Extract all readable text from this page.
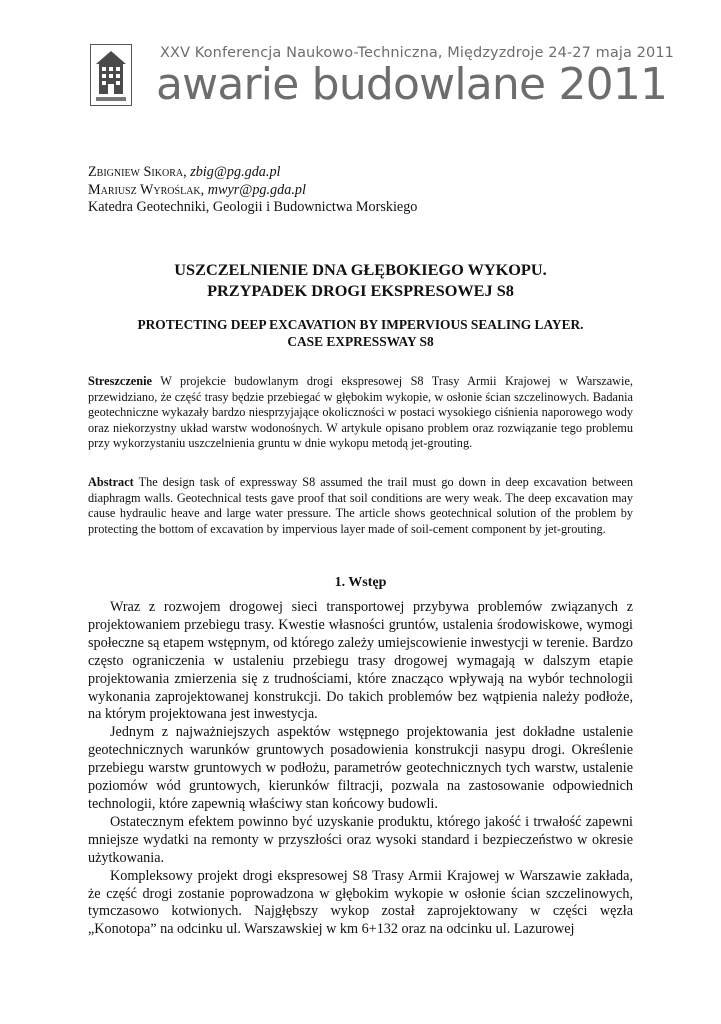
XXV Konferencja Naukowo-Techniczna, Międzyzdroje 24-27 maja 2011
awarie budowlane 2011
Zbigniew Sikora, zbig@pg.gda.pl
Mariusz Wyroślak, mwyr@pg.gda.pl
Katedra Geotechniki, Geologii i Budownictwa Morskiego
USZCZELNIENIE DNA GŁĘBOKIEGO WYKOPU.
PRZYPADEK DROGI EKSPRESOWEJ S8
PROTECTING DEEP EXCAVATION BY IMPERVIOUS SEALING LAYER.
CASE EXPRESSWAY S8
Streszczenie W projekcie budowlanym drogi ekspresowej S8 Trasy Armii Krajowej w Warszawie, przewidziano, że część trasy będzie przebiegać w głębokim wykopie, w osłonie ścian szczelinowych. Badania geotechniczne wykazały bardzo niesprzyjające okoliczności w postaci wysokiego ciśnienia naporowego wody oraz niekorzystny układ warstw wodonośnych. W artykule opisano problem oraz rozwiązanie tego problemu przy wykorzystaniu uszczelnienia gruntu w dnie wykopu metodą jet-grouting.
Abstract The design task of expressway S8 assumed the trail must go down in deep excavation between diaphragm walls. Geotechnical tests gave proof that soil conditions are wery weak. The deep excavation may cause hydraulic heave and large water pressure. The article shows geotechnical solution of the problem by protecting the bottom of excavation by impervious layer made of soil-cement component by jet-grouting.
1. Wstęp

Wraz z rozwojem drogowej sieci transportowej przybywa problemów związanych z projektowaniem przebiegu trasy. Kwestie własności gruntów, ustalenia środowiskowe, wymogi społeczne są etapem wstępnym, od którego zależy umiejscowienie inwestycji w terenie. Bardzo często ograniczenia w ustaleniu przebiegu trasy drogowej wymagają w dalszym etapie projektowania zmierzenia się z trudnościami, które znacząco wpływają na wybór technologii wykonania zaprojektowanej konstrukcji. Do takich problemów bez wątpienia należy podłoże, na którym projektowana jest inwestycja.

Jednym z najważniejszych aspektów wstępnego projektowania jest dokładne ustalenie geotechnicznych warunków gruntowych posadowienia konstrukcji nasypu drogi. Określenie przebiegu warstw gruntowych w podłożu, parametrów geotechnicznych tych warstw, ustalenie poziomów wód gruntowych, kierunków filtracji, pozwala na zastosowanie odpowiednich technologii, które zapewnią właściwy stan końcowy budowli.

Ostatecznym efektem powinno być uzyskanie produktu, którego jakość i trwałość zapewni mniejsze wydatki na remonty w przyszłości oraz wysoki standard i bezpieczeństwo w okresie użytkowania.

Kompleksowy projekt drogi ekspresowej S8 Trasy Armii Krajowej w Warszawie zakłada, że część drogi zostanie poprowadzona w głębokim wykopie w osłonie ścian szczelinowych, tymczasowo kotwionych. Najgłębszy wykop został zaprojektowany w części węzła „Konotopa” na odcinku ul. Warszawskiej w km 6+132 oraz na odcinku ul. Lazurowej
